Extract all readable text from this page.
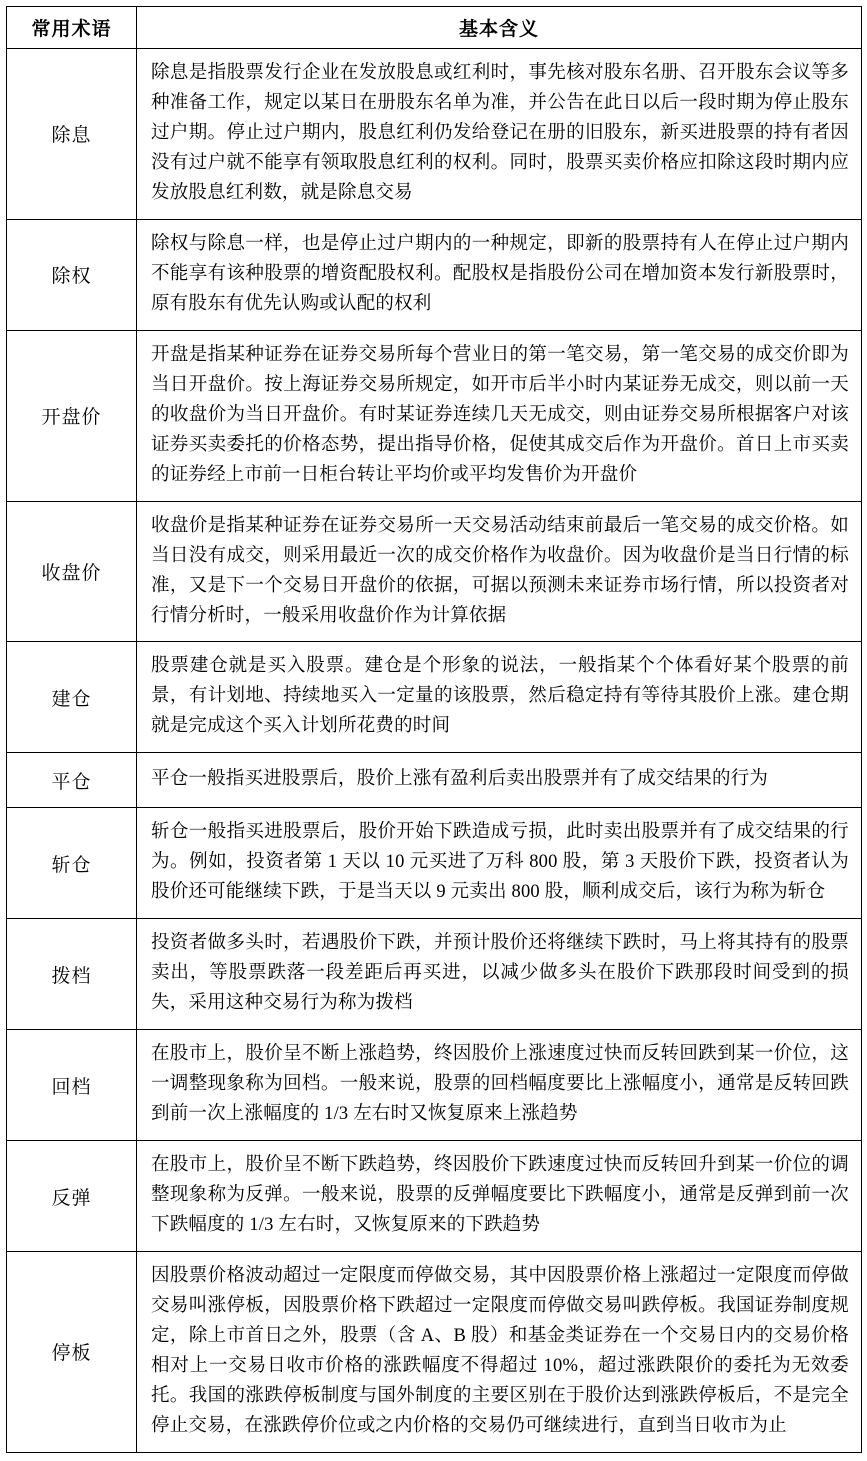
常用术语	基本含义
除息	除息是指股票发行企业在发放股息或红利时，事先核对股东名册、召开股东会议等多种准备工作，规定以某日在册股东名单为准，并公告在此日以后一段时期为停止股东过户期。停止过户期内，股息红利仍发给登记在册的旧股东，新买进股票的持有者因没有过户就不能享有领取股息红利的权利。同时，股票买卖价格应扣除这段时期内应发放股息红利数，就是除息交易
除权	除权与除息一样，也是停止过户期内的一种规定，即新的股票持有人在停止过户期内不能享有该种股票的增资配股权利。配股权是指股份公司在增加资本发行新股票时，原有股东有优先认购或认配的权利
开盘价	开盘是指某种证券在证券交易所每个营业日的第一笔交易，第一笔交易的成交价即为当日开盘价。按上海证券交易所规定，如开市后半小时内某证券无成交，则以前一天的收盘价为当日开盘价。有时某证券连续几天无成交，则由证券交易所根据客户对该证券买卖委托的价格态势，提出指导价格，促使其成交后作为开盘价。首日上市买卖的证券经上市前一日柜台转让平均价或平均发售价为开盘价
收盘价	收盘价是指某种证券在证券交易所一天交易活动结束前最后一笔交易的成交价格。如当日没有成交，则采用最近一次的成交价格作为收盘价。因为收盘价是当日行情的标准，又是下一个交易日开盘价的依据，可据以预测未来证券市场行情，所以投资者对行情分析时，一般采用收盘价作为计算依据
建仓	股票建仓就是买入股票。建仓是个形象的说法，一般指某个个体看好某个股票的前景，有计划地、持续地买入一定量的该股票，然后稳定持有等待其股价上涨。建仓期就是完成这个买入计划所花费的时间
平仓	平仓一般指买进股票后，股价上涨有盈利后卖出股票并有了成交结果的行为
斩仓	斩仓一般指买进股票后，股价开始下跌造成亏损，此时卖出股票并有了成交结果的行为。例如，投资者第 1 天以 10 元买进了万科 800 股，第 3 天股价下跌，投资者认为股价还可能继续下跌，于是当天以 9 元卖出 800 股，顺利成交后，该行为称为斩仓
拨档	投资者做多头时，若遇股价下跌，并预计股价还将继续下跌时，马上将其持有的股票卖出，等股票跌落一段差距后再买进，以减少做多头在股价下跌那段时间受到的损失，采用这种交易行为称为拨档
回档	在股市上，股价呈不断上涨趋势，终因股价上涨速度过快而反转回跌到某一价位，这一调整现象称为回档。一般来说，股票的回档幅度要比上涨幅度小，通常是反转回跌到前一次上涨幅度的 1/3 左右时又恢复原来上涨趋势
反弹	在股市上，股价呈不断下跌趋势，终因股价下跌速度过快而反转回升到某一价位的调整现象称为反弹。一般来说，股票的反弹幅度要比下跌幅度小，通常是反弹到前一次下跌幅度的 1/3 左右时，又恢复原来的下跌趋势
停板	因股票价格波动超过一定限度而停做交易，其中因股票价格上涨超过一定限度而停做交易叫涨停板，因股票价格下跌超过一定限度而停做交易叫跌停板。我国证券制度规定，除上市首日之外，股票（含 A、B 股）和基金类证券在一个交易日内的交易价格相对上一交易日收市价格的涨跌幅度不得超过 10%，超过涨跌限价的委托为无效委托。我国的涨跌停板制度与国外制度的主要区别在于股价达到涨跌停板后，不是完全停止交易，在涨跌停价位或之内价格的交易仍可继续进行，直到当日收市为止
